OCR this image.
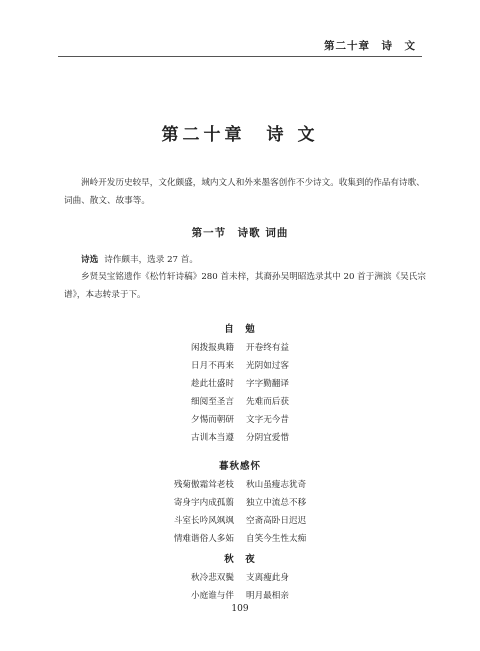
第二十章　诗　文
第二十章　诗 文
洲岭开发历史较早，文化颇盛，域内文人和外来墨客创作不少诗文。收集到的作品有诗歌、词曲、散文、故事等。
第一节　诗歌 词曲
诗选 诗作颇丰，选录 27 首。
乡贤吴宝铭遗作《松竹轩诗稿》280 首未梓，其裔孙吴明昭选录其中 20 首于洲滨《吴氏宗谱》，本志转录于下。
自　勉
闲拨报典籍 开卷终有益
日月不再来 光阴如过客
趁此壮盛时 字字勤翻译
细阅至圣言 先难而后获
夕惕而朝研 文字无今昔
古训本当遵 分阴宜爱惜
暮秋感怀
残菊傲霜耸老枝 秋山虽瘦志犹奇
寄身宇内成孤翦 独立中流总不移
斗室长吟风飒飒 空斋高卧日迟迟
情难谐俗人多妬 自笑今生性太痴
秋　夜
秋冷悲双鬓 支离瘦此身
小庭谁与伴 明月最相亲
109
